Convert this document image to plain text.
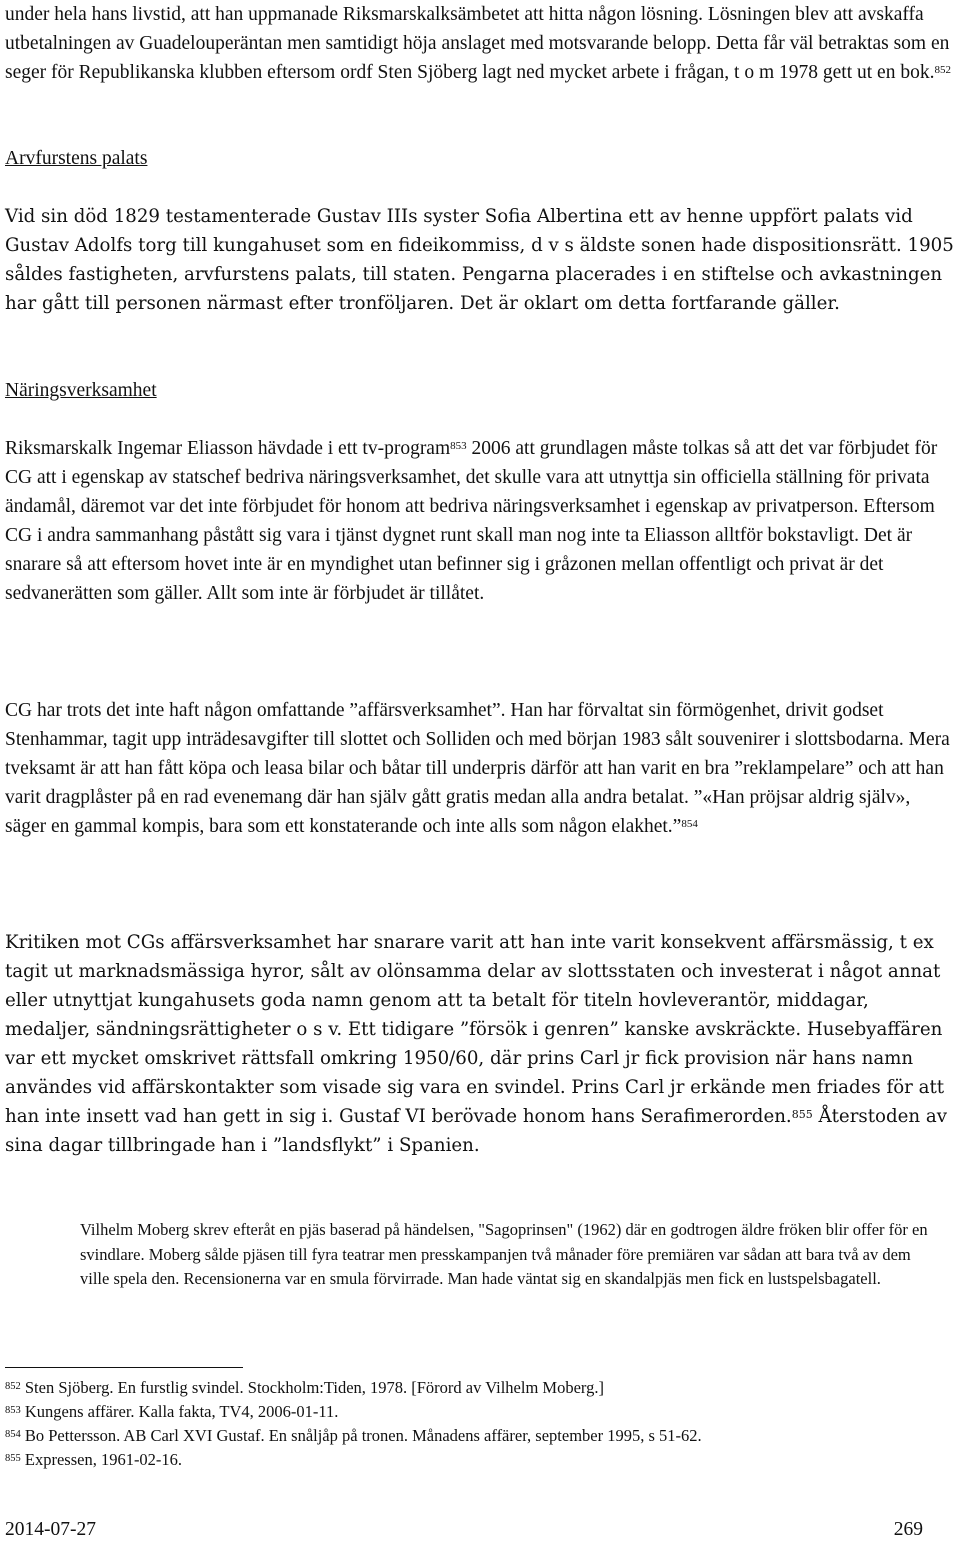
under hela hans livstid, att han uppmanade Riksmarskalksämbetet att hitta någon lösning. Lösningen blev att avskaffa utbetalningen av Guadelouperäntan men samtidigt höja anslaget med motsvarande belopp. Detta får väl betraktas som en seger för Republikanska klubben eftersom ordf Sten Sjöberg lagt ned mycket arbete i frågan, t o m 1978 gett ut en bok.$^{852}$

Arvfurstens palats

Vid sin död 1829 testamenterade Gustav IIIs syster Sofia Albertina ett av henne uppfört palats vid Gustav Adolfs torg till kungahuset som en fideikommiss, d v s äldste sonen hade dispositionsrätt. 1905 såldes fastigheten, arvfurstens palats, till staten. Pengarna placerades i en stiftelse och avkastningen har gått till personen närmast efter tronföljaren. Det är oklart om detta fortfarande gäller.

Näringsverksamhet

Riksmarskalk Ingemar Eliasson hävdade i ett tv-program$^{853}$ 2006 att grundlagen måste tolkas så att det var förbjudet för CG att i egenskap av statschef bedriva näringsverksamhet, det skulle vara att utnyttja sin officiella ställning för privata ändamål, däremot var det inte förbjudet för honom att bedriva näringsverksamhet i egenskap av privatperson. Eftersom CG i andra sammanhang påstått sig vara i tjänst dygnet runt skall man nog inte ta Eliasson alltför bokstavligt. Det är snarare så att eftersom hovet inte är en myndighet utan befinner sig i gråzonen mellan offentligt och privat är det sedvanerätten som gäller. Allt som inte är förbjudet är tillåtet.

CG har trots det inte haft någon omfattande ”affärsverksamhet”. Han har förvaltat sin förmögenhet, drivit godset Stenhammar, tagit upp inträdesavgifter till slottet och Solliden och med början 1983 sålt souvenirer i slottsbodarna. Mera tveksamt är att han fått köpa och leasa bilar och båtar till underpris därför att han varit en bra ”reklampelare” och att han varit dragplåster på en rad evenemang där han själv gått gratis medan alla andra betalat. ”«Han pröjsar aldrig själv», säger en gammal kompis, bara som ett konstaterande och inte alls som någon elakhet.”$^{854}$

Kritiken mot CGs affärsverksamhet har snarare varit att han inte varit konsekvent affärsmässig, t ex tagit ut marknadsmässiga hyror, sålt av olönsamma delar av slottsstaten och investerat i något annat eller utnyttjat kungahusets goda namn genom att ta betalt för titeln hovleverantör, middagar, medaljer, sändningsrättigheter o s v. Ett tidigare ”försök i genren” kanske avskräckte. Husebyaffären var ett mycket omskrivet rättsfall omkring 1950/60, där prins Carl jr fick provision när hans namn användes vid affärskontakter som visade sig vara en svindel. Prins Carl jr erkände men friades för att han inte insett vad han gett in sig i. Gustaf VI berövade honom hans Serafimerorden.$^{855}$ Återstoden av sina dagar tillbringade han i ”landsflykt” i Spanien.

Vilhelm Moberg skrev efteråt en pjäs baserad på händelsen, "Sagoprinsen" (1962) där en godtrogen äldre fröken blir offer för en svindlare. Moberg sålde pjäsen till fyra teatrar men presskampanjen två månader före premiären var sådan att bara två av dem ville spela den. Recensionerna var en smula förvirrade. Man hade väntat sig en skandalpjäs men fick en lustspelsbagatell.

$^{852}$ Sten Sjöberg. En furstlig svindel. Stockholm:Tiden, 1978. [Förord av Vilhelm Moberg.]

$^{853}$ Kungens affärer. Kalla fakta, TV4, 2006-01-11.

$^{854}$ Bo Pettersson. AB Carl XVI Gustaf. En snåljåp på tronen. Månadens affärer, september 1995, s 51-62.

$^{855}$ Expressen, 1961-02-16.

2014-07-27	269
